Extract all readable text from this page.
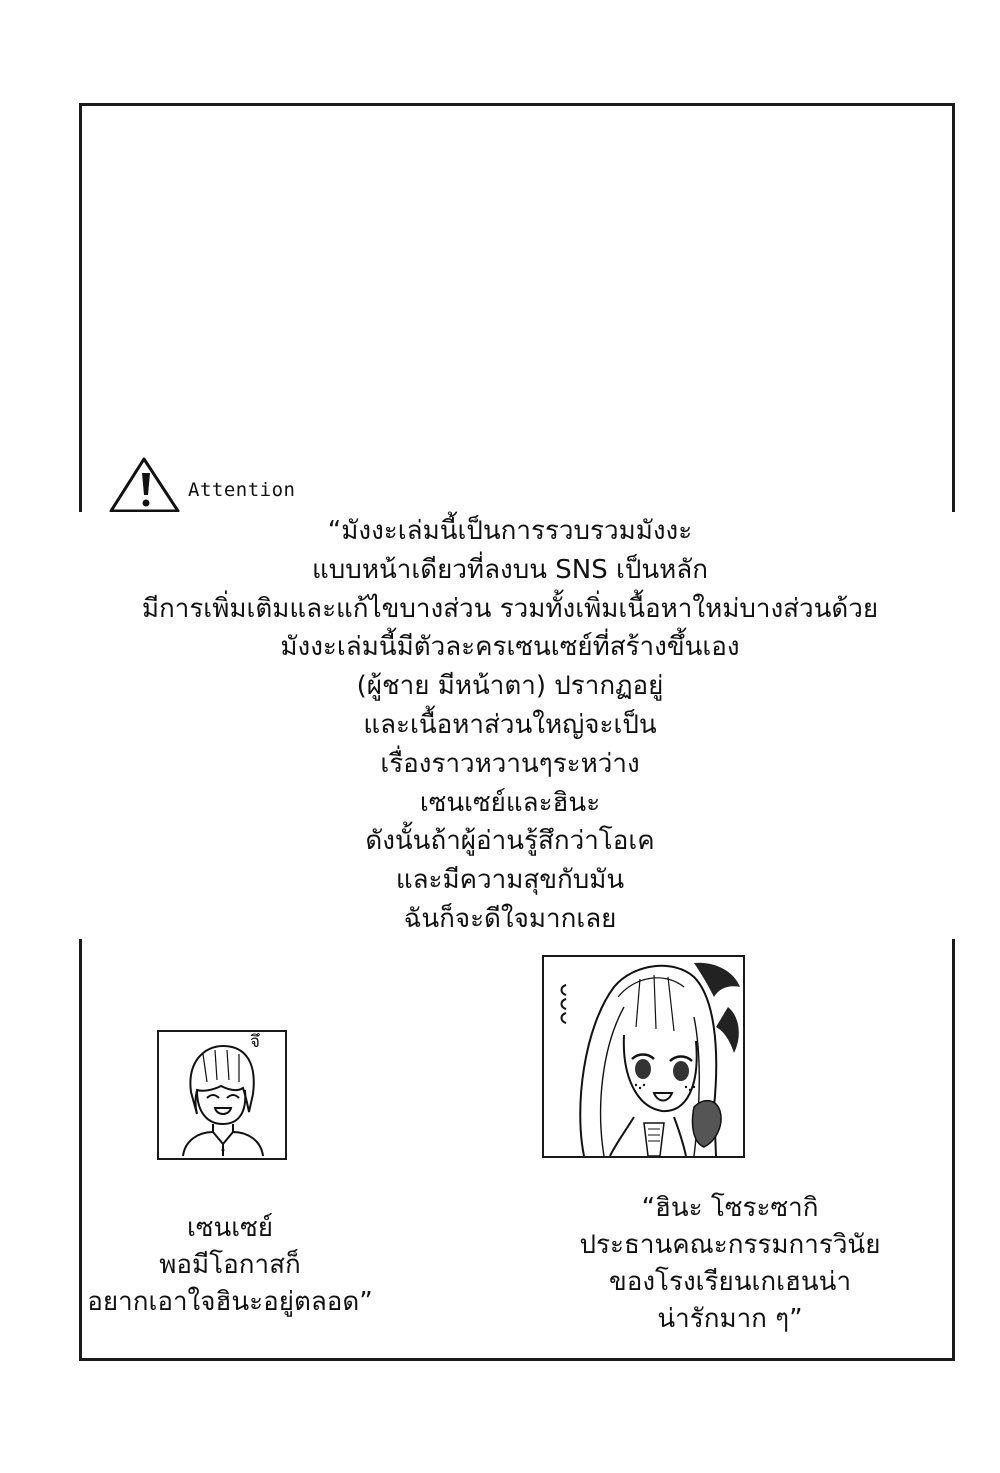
Attention
“มังงะเล่มนี้เป็นการรวบรวมมังงะ
แบบหน้าเดียวที่ลงบน SNS เป็นหลัก
มีการเพิ่มเติมและแก้ไขบางส่วน รวมทั้งเพิ่มเนื้อหาใหม่บางส่วนด้วย
มังงะเล่มนี้มีตัวละครเซนเซย์ที่สร้างขึ้นเอง
(ผู้ชาย มีหน้าตา) ปรากฏอยู่
และเนื้อหาส่วนใหญ่จะเป็น
เรื่องราวหวานๆระหว่าง
เซนเซย์และฮินะ
ดังนั้นถ้าผู้อ่านรู้สึกว่าโอเค
และมีความสุขกับมัน
ฉันก็จะดีใจมากเลย
จึ
เซนเซย์
พอมีโอกาสก็
อยากเอาใจฮินะอยู่ตลอด”
“ฮินะ โซระซากิ
ประธานคณะกรรมการวินัย
ของโรงเรียนเกเฮนน่า
น่ารักมาก ๆ”
